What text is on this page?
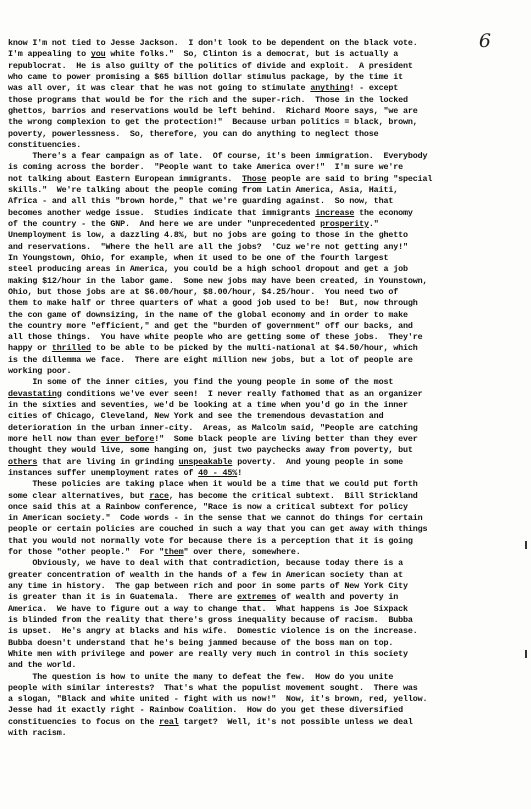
6
know I'm not tied to Jesse Jackson.  I don't look to be dependent on the black vote.
I'm appealing to you white folks."  So, Clinton is a democrat, but is actually a
republocrat.  He is also guilty of the politics of divide and exploit.  A president
who came to power promising a $65 billion dollar stimulus package, by the time it
was all over, it was clear that he was not going to stimulate anything! - except
those programs that would be for the rich and the super-rich.  Those in the locked
ghettos, barrios and reservations would be left behind.  Richard Moore says, "we are
the wrong complexion to get the protection!"  Because urban politics = black, brown,
poverty, powerlessness.  So, therefore, you can do anything to neglect those
constituencies.
There's a fear campaign as of late.  Of course, it's been immigration.  Everybody
is coming across the border.  "People want to take America over!"  I'm sure we're
not talking about Eastern European immigrants.  Those people are said to bring "special
skills."  We're talking about the people coming from Latin America, Asia, Haiti,
Africa - and all this "brown horde," that we're guarding against.  So now, that
becomes another wedge issue.  Studies indicate that immigrants increase the economy
of the country - the GNP.  And here we are under "unprecedented prosperity."
Unemployment is low, a dazzling 4.8%, but no jobs are going to those in the ghetto
and reservations.  "Where the hell are all the jobs?  'Cuz we're not getting any!"
In Youngstown, Ohio, for example, when it used to be one of the fourth largest
steel producing areas in America, you could be a high school dropout and get a job
making $12/hour in the labor game.  Some new jobs may have been created, in Younstown,
Ohio, but those jobs are at $6.00/hour, $8.00/hour, $4.25/hour.  You need two of
them to make half or three quarters of what a good job used to be!  But, now through
the con game of downsizing, in the name of the global economy and in order to make
the country more "efficient," and get the "burden of government" off our backs, and
all those things.  You have white people who are getting some of these jobs.  They're
happy or thrilled to be able to be picked by the multi-national at $4.50/hour, which
is the dillemma we face.  There are eight million new jobs, but a lot of people are
working poor.
In some of the inner cities, you find the young people in some of the most
devastating conditions we've ever seen!  I never really fathomed that as an organizer
in the sixties and seventies, we'd be looking at a time when you'd go in the inner
cities of Chicago, Cleveland, New York and see the tremendous devastation and
deterioration in the urban inner-city.  Areas, as Malcolm said, "People are catching
more hell now than ever before!"  Some black people are living better than they ever
thought they would live, some hanging on, just two paychecks away from poverty, but
others that are living in grinding unspeakable poverty.  And young people in some
instances suffer unemployment rates of 40 - 45%!
These policies are taking place when it would be a time that we could put forth
some clear alternatives, but race, has become the critical subtext.  Bill Strickland
once said this at a Rainbow conference, "Race is now a critical subtext for policy
in American society."  Code words - in the sense that we cannot do things for certain
people or certain policies are couched in such a way that you can get away with things
that you would not normally vote for because there is a perception that it is going
for those "other people."  For "them" over there, somewhere.
Obviously, we have to deal with that contradiction, because today there is a
greater concentration of wealth in the hands of a few in American society than at
any time in history.  The gap between rich and poor in some parts of New York City
is greater than it is in Guatemala.  There are extremes of wealth and poverty in
America.  We have to figure out a way to change that.  What happens is Joe Sixpack
is blinded from the reality that there's gross inequality because of racism.  Bubba
is upset.  He's angry at blacks and his wife.  Domestic violence is on the increase.
Bubba doesn't understand that he's being jammed because of the boss man on top.
White men with privilege and power are really very much in control in this society
and the world.
The question is how to unite the many to defeat the few.  How do you unite
people with similar interests?  That's what the populist movement sought.  There was
a slogan, "Black and white united - fight with us now!"  Now, it's brown, red, yellow.
Jesse had it exactly right - Rainbow Coalition.  How do you get these diversified
constituencies to focus on the real target?  Well, it's not possible unless we deal
with racism.
